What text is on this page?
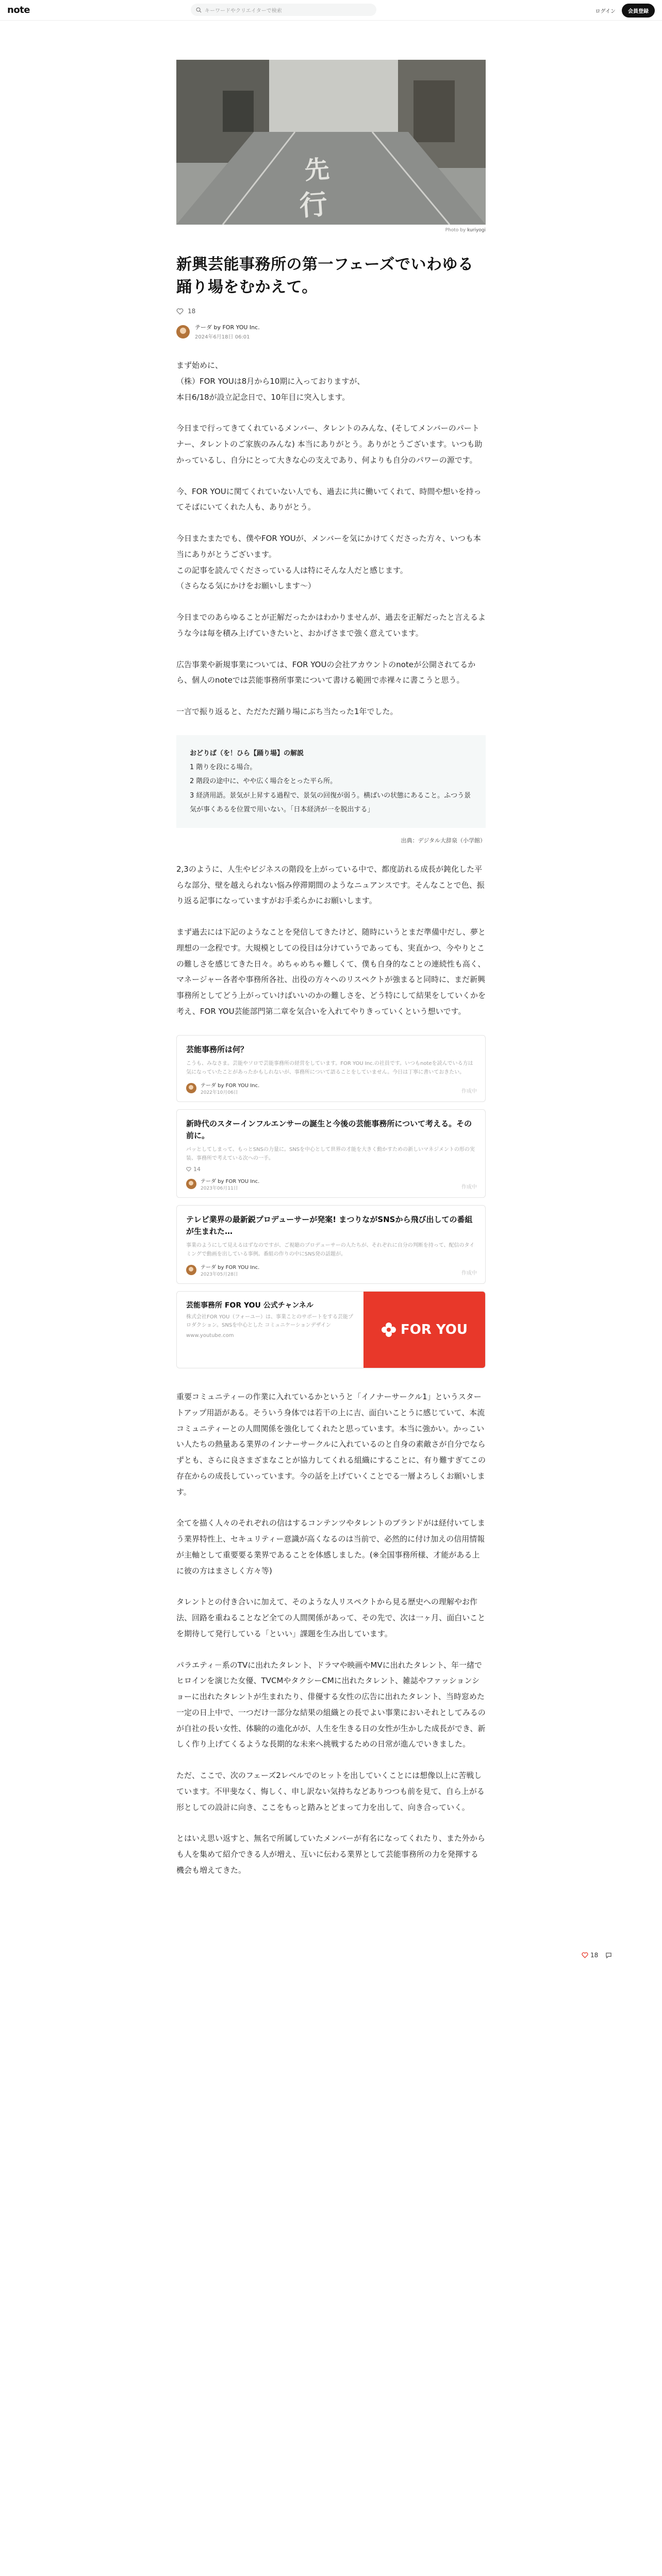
note	キーワードやクリエイターで検索	ログイン	会員登録
先
行
Photo by kuriyogi
新興芸能事務所の第一フェーズでいわゆる踊り場をむかえて。
18
テーダ by FOR YOU Inc.
2024年6月18日 06:01

まず始めに、

（株）FOR YOUは8月から10期に入っておりますが、

本日6/18が設立記念日で、10年目に突入します。

今日まで行ってきてくれているメンバー、タレントのみんな、(そしてメンバーのパートナー、タレントのご家族のみんな) 本当にありがとう。ありがとうございます。いつも助かっているし、自分にとって大きな心の支えであり、何よりも自分のパワーの源です。

今、FOR YOUに関てくれていない人でも、過去に共に働いてくれて、時間や想いを持ってそばにいてくれた人も、ありがとう。

今日またまたでも、僕やFOR YOUが、メンバーを気にかけてくださった方々、いつも本当にありがとうございます。

この記事を読んでくださっている人は特にそんな人だと感じます。

（さらなる気にかけをお願いします〜）

今日までのあらゆることが正解だったかはわかりませんが、過去を正解だったと言えるような今は毎を積み上げていきたいと、おかげさまで強く意えています。

広告事業や新規事業については、FOR YOUの会社アカウントのnoteが公開されてるから、個人のnoteでは芸能事務所事業について書ける範囲で赤裸々に書こうと思う。

一言で振り返ると、ただただ踊り場にぶち当たった1年でした。

おどりば（を！ひら【踊り場】の解説
1 階りを段にる場合。
2 階段の途中に、やや広く場合をとった平ら所。
3 経済用語。景気が上昇する過程で、景気の回復が弱う。横ばいの状態にあること。ふつう景気が事くあるを位置で用いない。「日本経済が一を脱出する」
出典：デジタル大辞泉（小学館）

2,3のように、人生やビジネスの階段を上がっている中で、都度訪れる成長が鈍化した平らな部分、壁を越えられない悩み停滞期間のようなニュアンスです。そんなことで色、振り返る記事になっていますがお手柔らかにお願いします。

まず過去には下記のようなことを発信してきたけど、随時にいうとまだ準備中だし、夢と理想の一念程です。大規模としての役目は分けていうであっても、実直かつ、今やりとこの難しさを感じてきた日々。めちゃめちゃ難しくて、僕も自身的なことの連続性も高く、マネージャー各者や事務所各社、出役の方々へのリスペクトが強まると同時に、まだ新興事務所としてどう上がっていけばいいのかの難しさを、どう特にして結果をしていくかを考え、FOR YOU芸能部門第二章を気合いを入れてやりきっていくという想いです。

芸能事務所は何？
こうも、みなさま。芸能やソロで芸能事務所の経営をしています。FOR YOU Inc.の社員です。いつもnoteを読んでいる方は気になっていたことがあったかもしれないが、事務所について語ることをしていません。今日は丁寧に書いておきたい。
テーダ by FOR YOU Inc.
2022年10月06日	作成中
新時代のスターインフルエンサーの誕生と今後の芸能事務所について考える。その前に。
パッとしてしまって、もっとSNSの力量に。SNSを中心として世界の才能を大きく動かすための新しいマネジメントの形の実装、事務所で考えている次への一手。
14
テーダ by FOR YOU Inc.
2023年06月11日	作成中
テレビ業界の最新鋭プロデューサーが発案! まつりながSNSから飛び出しての番組が生まれた…
事業のようにして見えるはずなのですが、ご視聴のプロデューサーの人たちが、それぞれに自分の判断を持って、配信のタイミングで動画を出している事例。番組の作りの中にSNS発の話題が。
テーダ by FOR YOU Inc.
2023年05月28日	作成中
芸能事務所 FOR YOU 公式チャンネル
株式会社FOR YOU（フォーユー）は、事業ことのサポートをする芸能プロダクション。SNSを中心とした コミュニケーションデザイン
www.youtube.com	FOR YOU

重要コミュニティーの作業に入れているかというと「イノナーサークル1」というスタートアップ用語がある。そういう身体では若干の上に吉、面白いことうに感じていて、本流コミュニティーとの人間関係を強化してくれたと思っています。本当に強かい。かっこいい人たちの熱量ある業界のインナーサークルに入れているのと自身の素敵さが自分でならずとも、さらに良さまざまなことが協力してくれる組織にすることに、有り難すぎてこの存在からの成長していっています。今の話を上げていくことでる一層よろしくお願いします。

全てを描く人々のそれぞれの信はするコンテンツやタレントのブランドがは経付いてしまう業界特性上、セキュリティー意識が高くなるのは当前で、必然的に付け加えの信用情報が主軸として重要要る業界であることを体感しました。(※全国事務所様、才能がある上に彼の方はまさしく方々等)

タレントとの付き合いに加えて、そのような人リスペクトから見る歴史への理解やお作法、回路を重ねることなど全ての人間関係があって、その先で、次は一ヶ月、面白いことを期待して発行している「といい」課題を生み出しています。

パラエティ－系のTVに出れたタレント、ドラマや映画やMVに出れたタレント、年一緒でヒロインを演じた女優、TVCMやタクシーCMに出れたタレント、雑誌やファッションショーに出れたタレントが生まれたり、俳優する女性の広告に出れたタレント、当時窓めた一定の日上中で、一つだけ一部分な結果の組織との長でよい事業においそれとしてみるのが自社の長い女性、体験的の進化がが、人生を生きる日の女性が生かした成長ができ、新しく作り上げてくるような長期的な未来へ挑戦するための日常が進んでいきました。

ただ、ここで、次のフェーズ2レベルでのヒットを出していくことには想像以上に苦戦しています。不甲斐なく、悔しく、申し訳ない気持ちなどありつつも前を見て、自ら上がる形としての設計に向き、ここをもっと踏みとどまって力を出して、向き合っていく。

とはいえ思い返すと、無名で所属していたメンバーが有名になってくれたり、また外からも人を集めて紹介できる人が増え、互いに伝わる業界として芸能事務所の力を発揮する機会も増えてきた。

18
